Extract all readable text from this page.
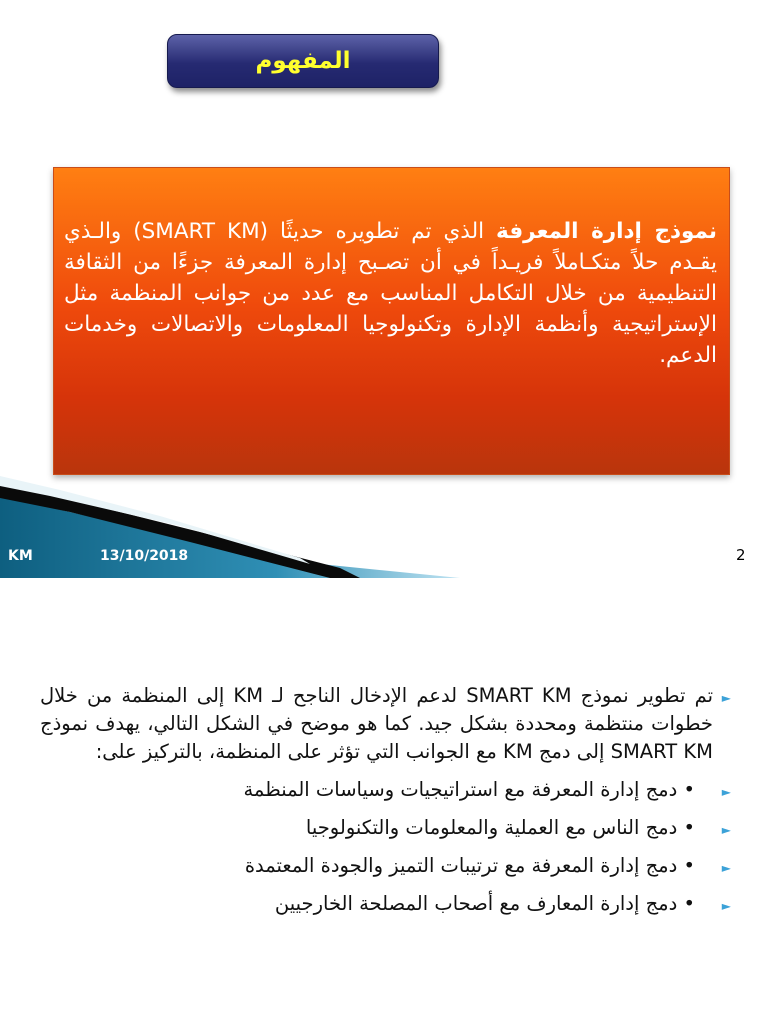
المفهوم
نموذج إدارة المعرفة الذي تم تطويره حديثًا (SMART KM) والـذي يقـدم حلاً متكـاملاً فريـداً في أن تصـبح إدارة المعرفة جزءًا من الثقافة التنظيمية من خلال التكامل المناسب مع عدد من جوانب المنظمة مثل الإستراتيجية وأنظمة الإدارة وتكنولوجيا المعلومات والاتصالات وخدمات الدعم.
KM	13/10/2018	2
►
تم تطوير نموذج SMART KM لدعم الإدخال الناجح لـ KM إلى المنظمة من خلال خطوات منتظمة ومحددة بشكل جيد. كما هو موضح في الشكل التالي، يهدف نموذج SMART KM إلى دمج KM مع الجوانب التي تؤثر على المنظمة، بالتركيز على:
►
• دمج إدارة المعرفة مع استراتيجيات وسياسات المنظمة
►
• دمج الناس مع العملية والمعلومات والتكنولوجيا
►
• دمج إدارة المعرفة مع ترتيبات التميز والجودة المعتمدة
►
• دمج إدارة المعارف مع أصحاب المصلحة الخارجيين
